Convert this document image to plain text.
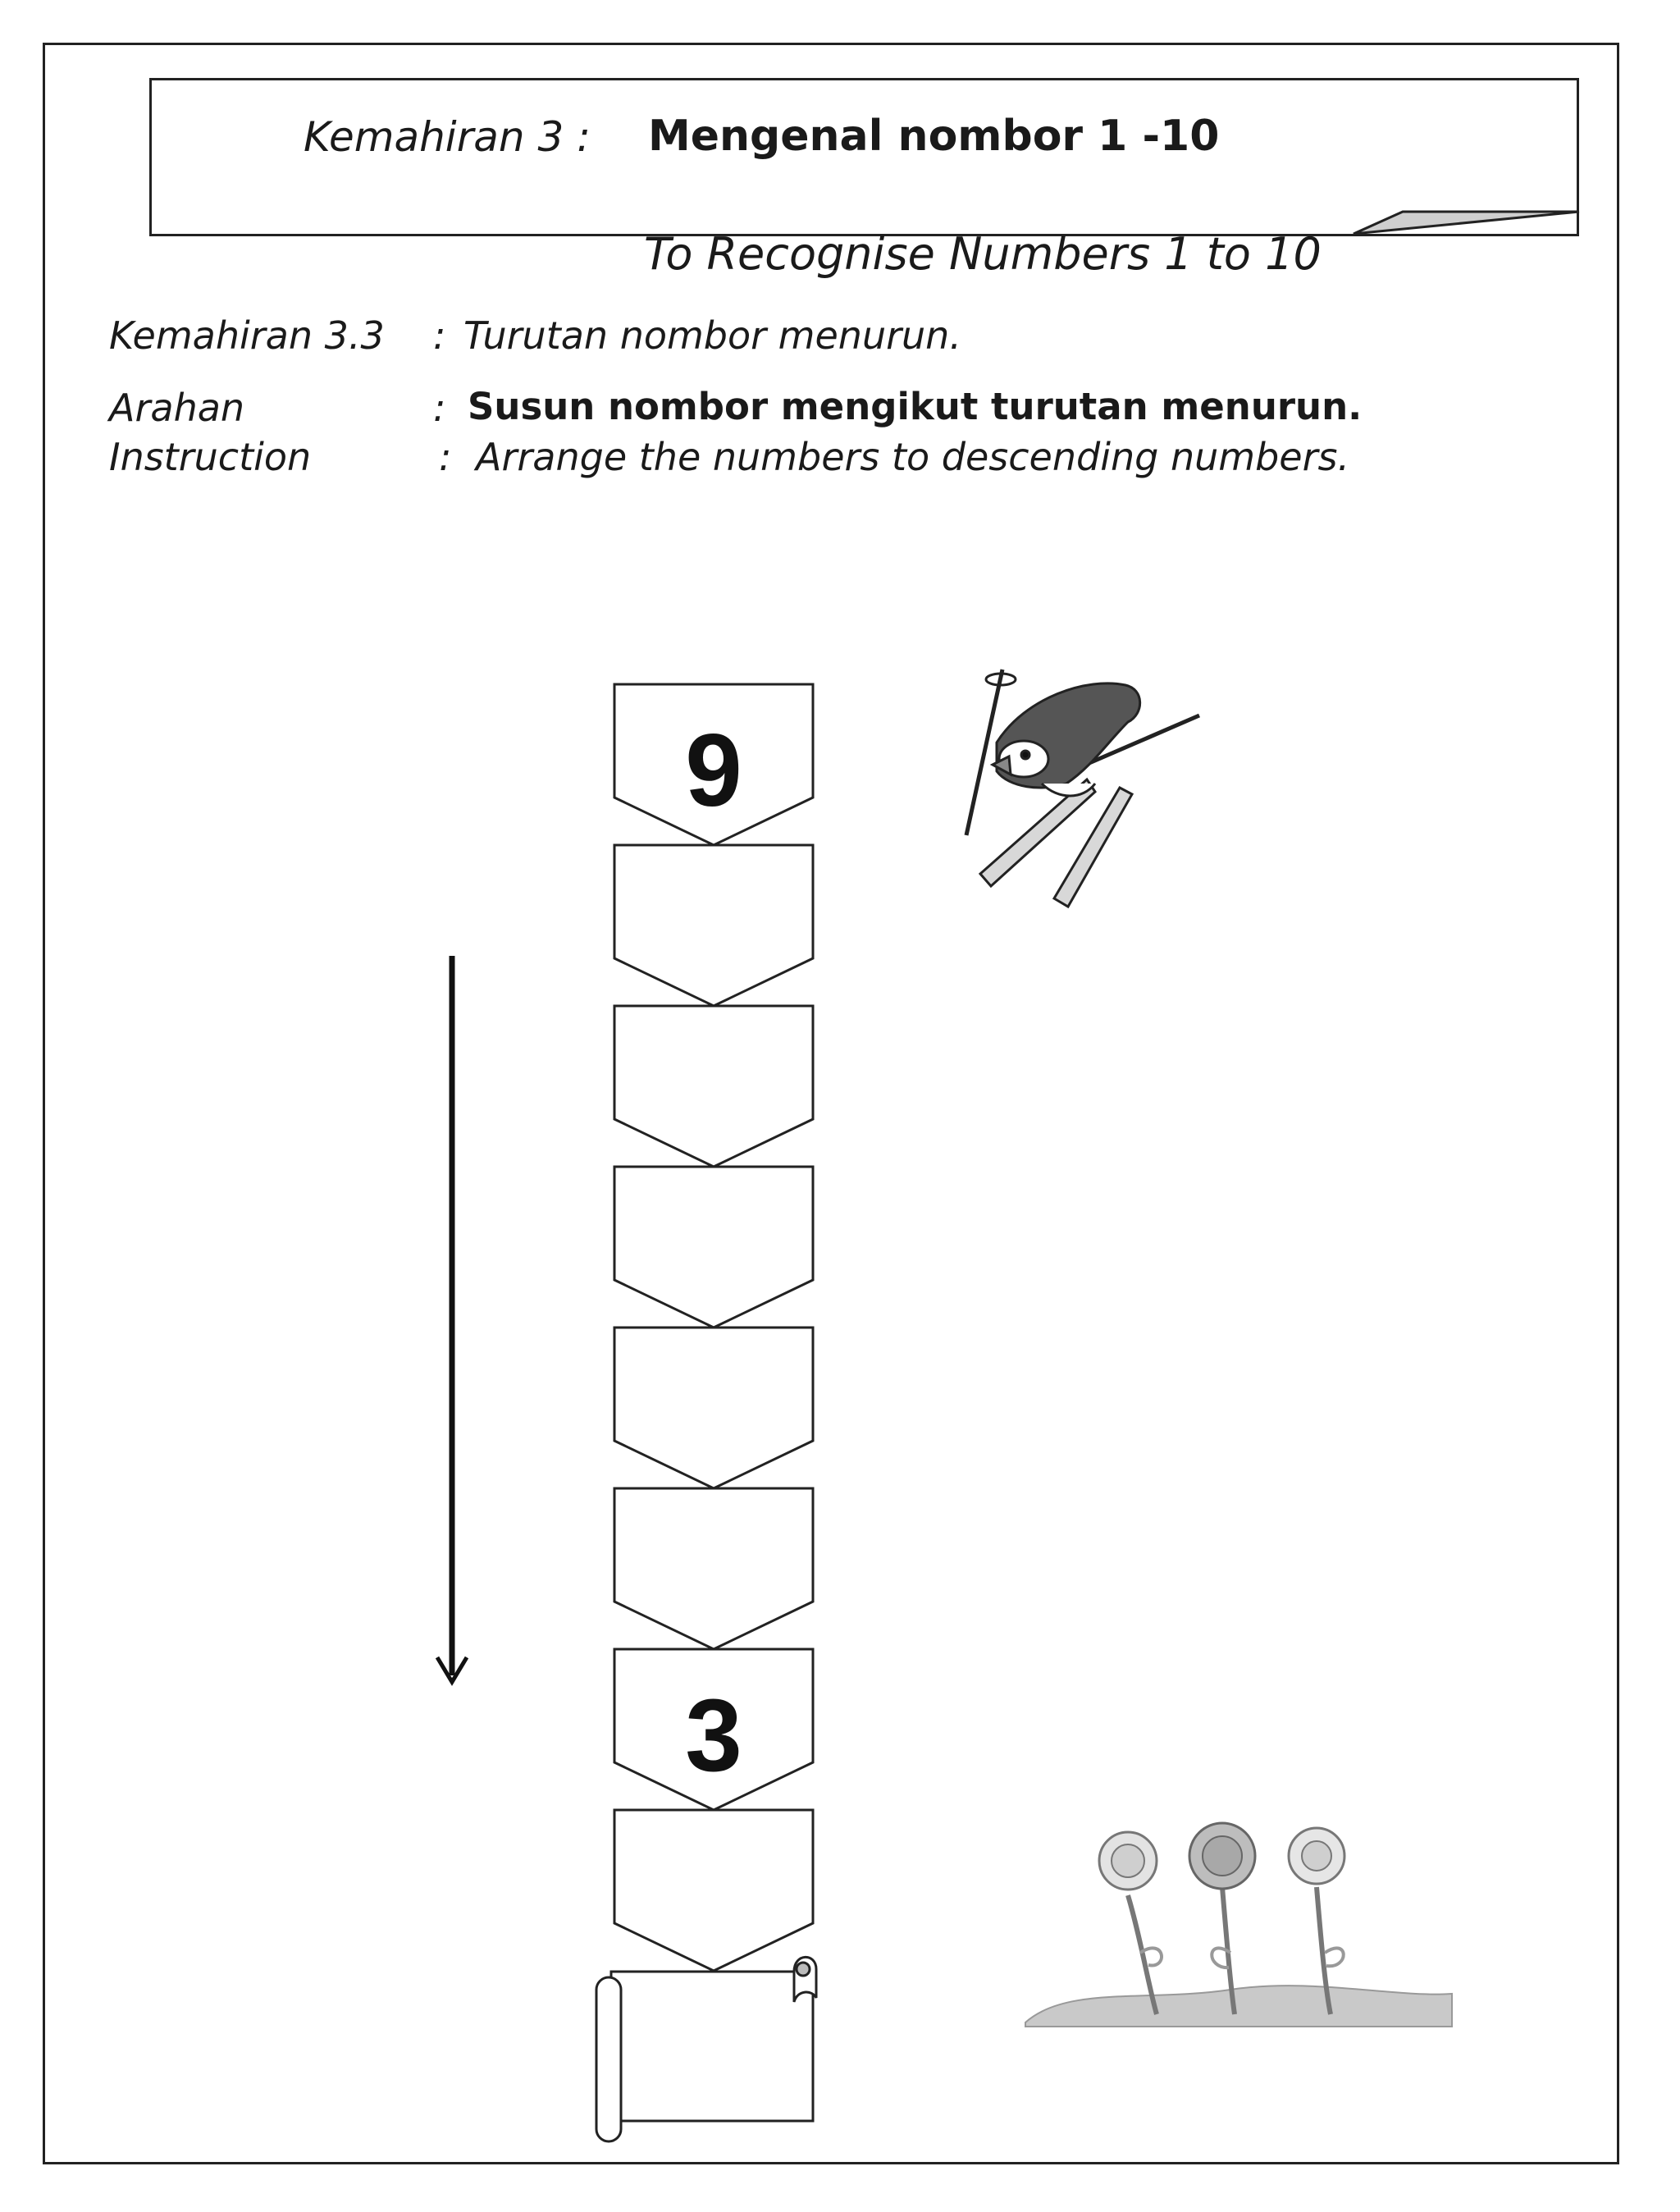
Kemahiran 3 : Mengenal nombor 1 -10
To Recognise Numbers 1 to 10
Kemahiran 3.3 : Turutan nombor menurun.
Arahan	: Susun nombor mengikut turutan menurun.
Instruction	: Arrange the numbers to descending numbers.
9
3
